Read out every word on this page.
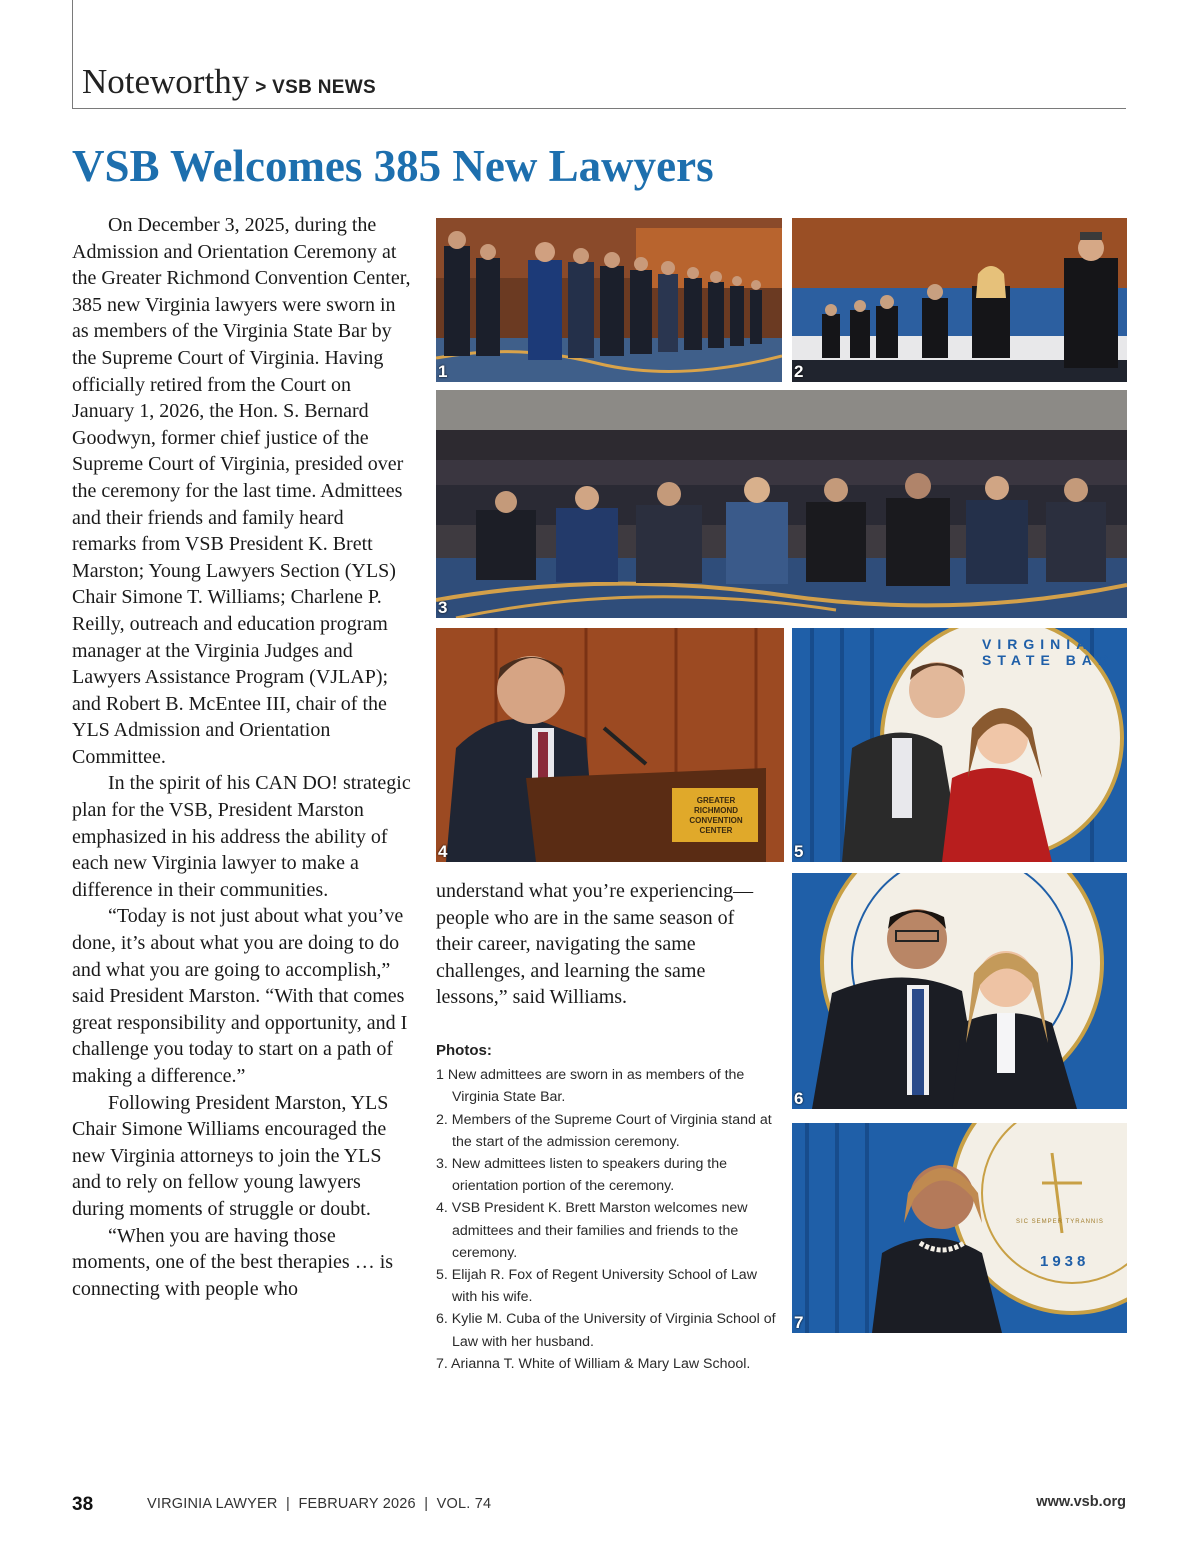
Noteworthy > VSB NEWS
VSB Welcomes 385 New Lawyers

On December 3, 2025, during the Admission and Orientation Ceremony at the Greater Richmond Convention Center, 385 new Virginia lawyers were sworn in as members of the Virginia State Bar by the Supreme Court of Virginia. Having officially retired from the Court on January 1, 2026, the Hon. S. Bernard Goodwyn, former chief justice of the Supreme Court of Virginia, presided over the ceremony for the last time. Admittees and their friends and family heard remarks from VSB President K. Brett Marston; Young Lawyers Section (YLS) Chair Simone T. Williams; Charlene P. Reilly, outreach and education program manager at the Virginia Judges and Lawyers Assistance Program (VJLAP); and Robert B. McEntee III, chair of the YLS Admission and Orientation Committee.

In the spirit of his CAN DO! strategic plan for the VSB, President Marston emphasized in his address the ability of each new Virginia lawyer to make a difference in their communities.

“Today is not just about what you’ve done, it’s about what you are doing to do and what you are going to accomplish,” said President Marston. “With that comes great responsibility and opportunity, and I challenge you today to start on a path of making a difference.”

Following President Marston, YLS Chair Simone Williams encouraged the new Virginia attorneys to join the YLS and to rely on fellow young lawyers during moments of struggle or doubt.

“When you are having those moments, one of the best therapies … is connecting with people who

understand what you’re experiencing—people who are in the same season of their career, navigating the same challenges, and learning the same lessons,” said Williams.

Photos:
1 New admittees are sworn in as members of the Virginia State Bar.
2. Members of the Supreme Court of Virginia stand at the start of the admission ceremony.
3. New admittees listen to speakers during the orientation portion of the ceremony.
4. VSB President K. Brett Marston welcomes new admittees and their families and friends to the ceremony.
5. Elijah R. Fox of Regent University School of Law with his wife.
6. Kylie M. Cuba of the University of Virginia School of Law with her husband.
7. Arianna T. White of William & Mary Law School.
1	2
3
GREATER RICHMOND
CONVENTION CENTER
4
VIRGINIA STATE BAR
5
6
1938
SIC SEMPER TYRANNIS
7
38	VIRGINIA LAWYER  |  FEBRUARY 2026  |  VOL. 74	www.vsb.org
